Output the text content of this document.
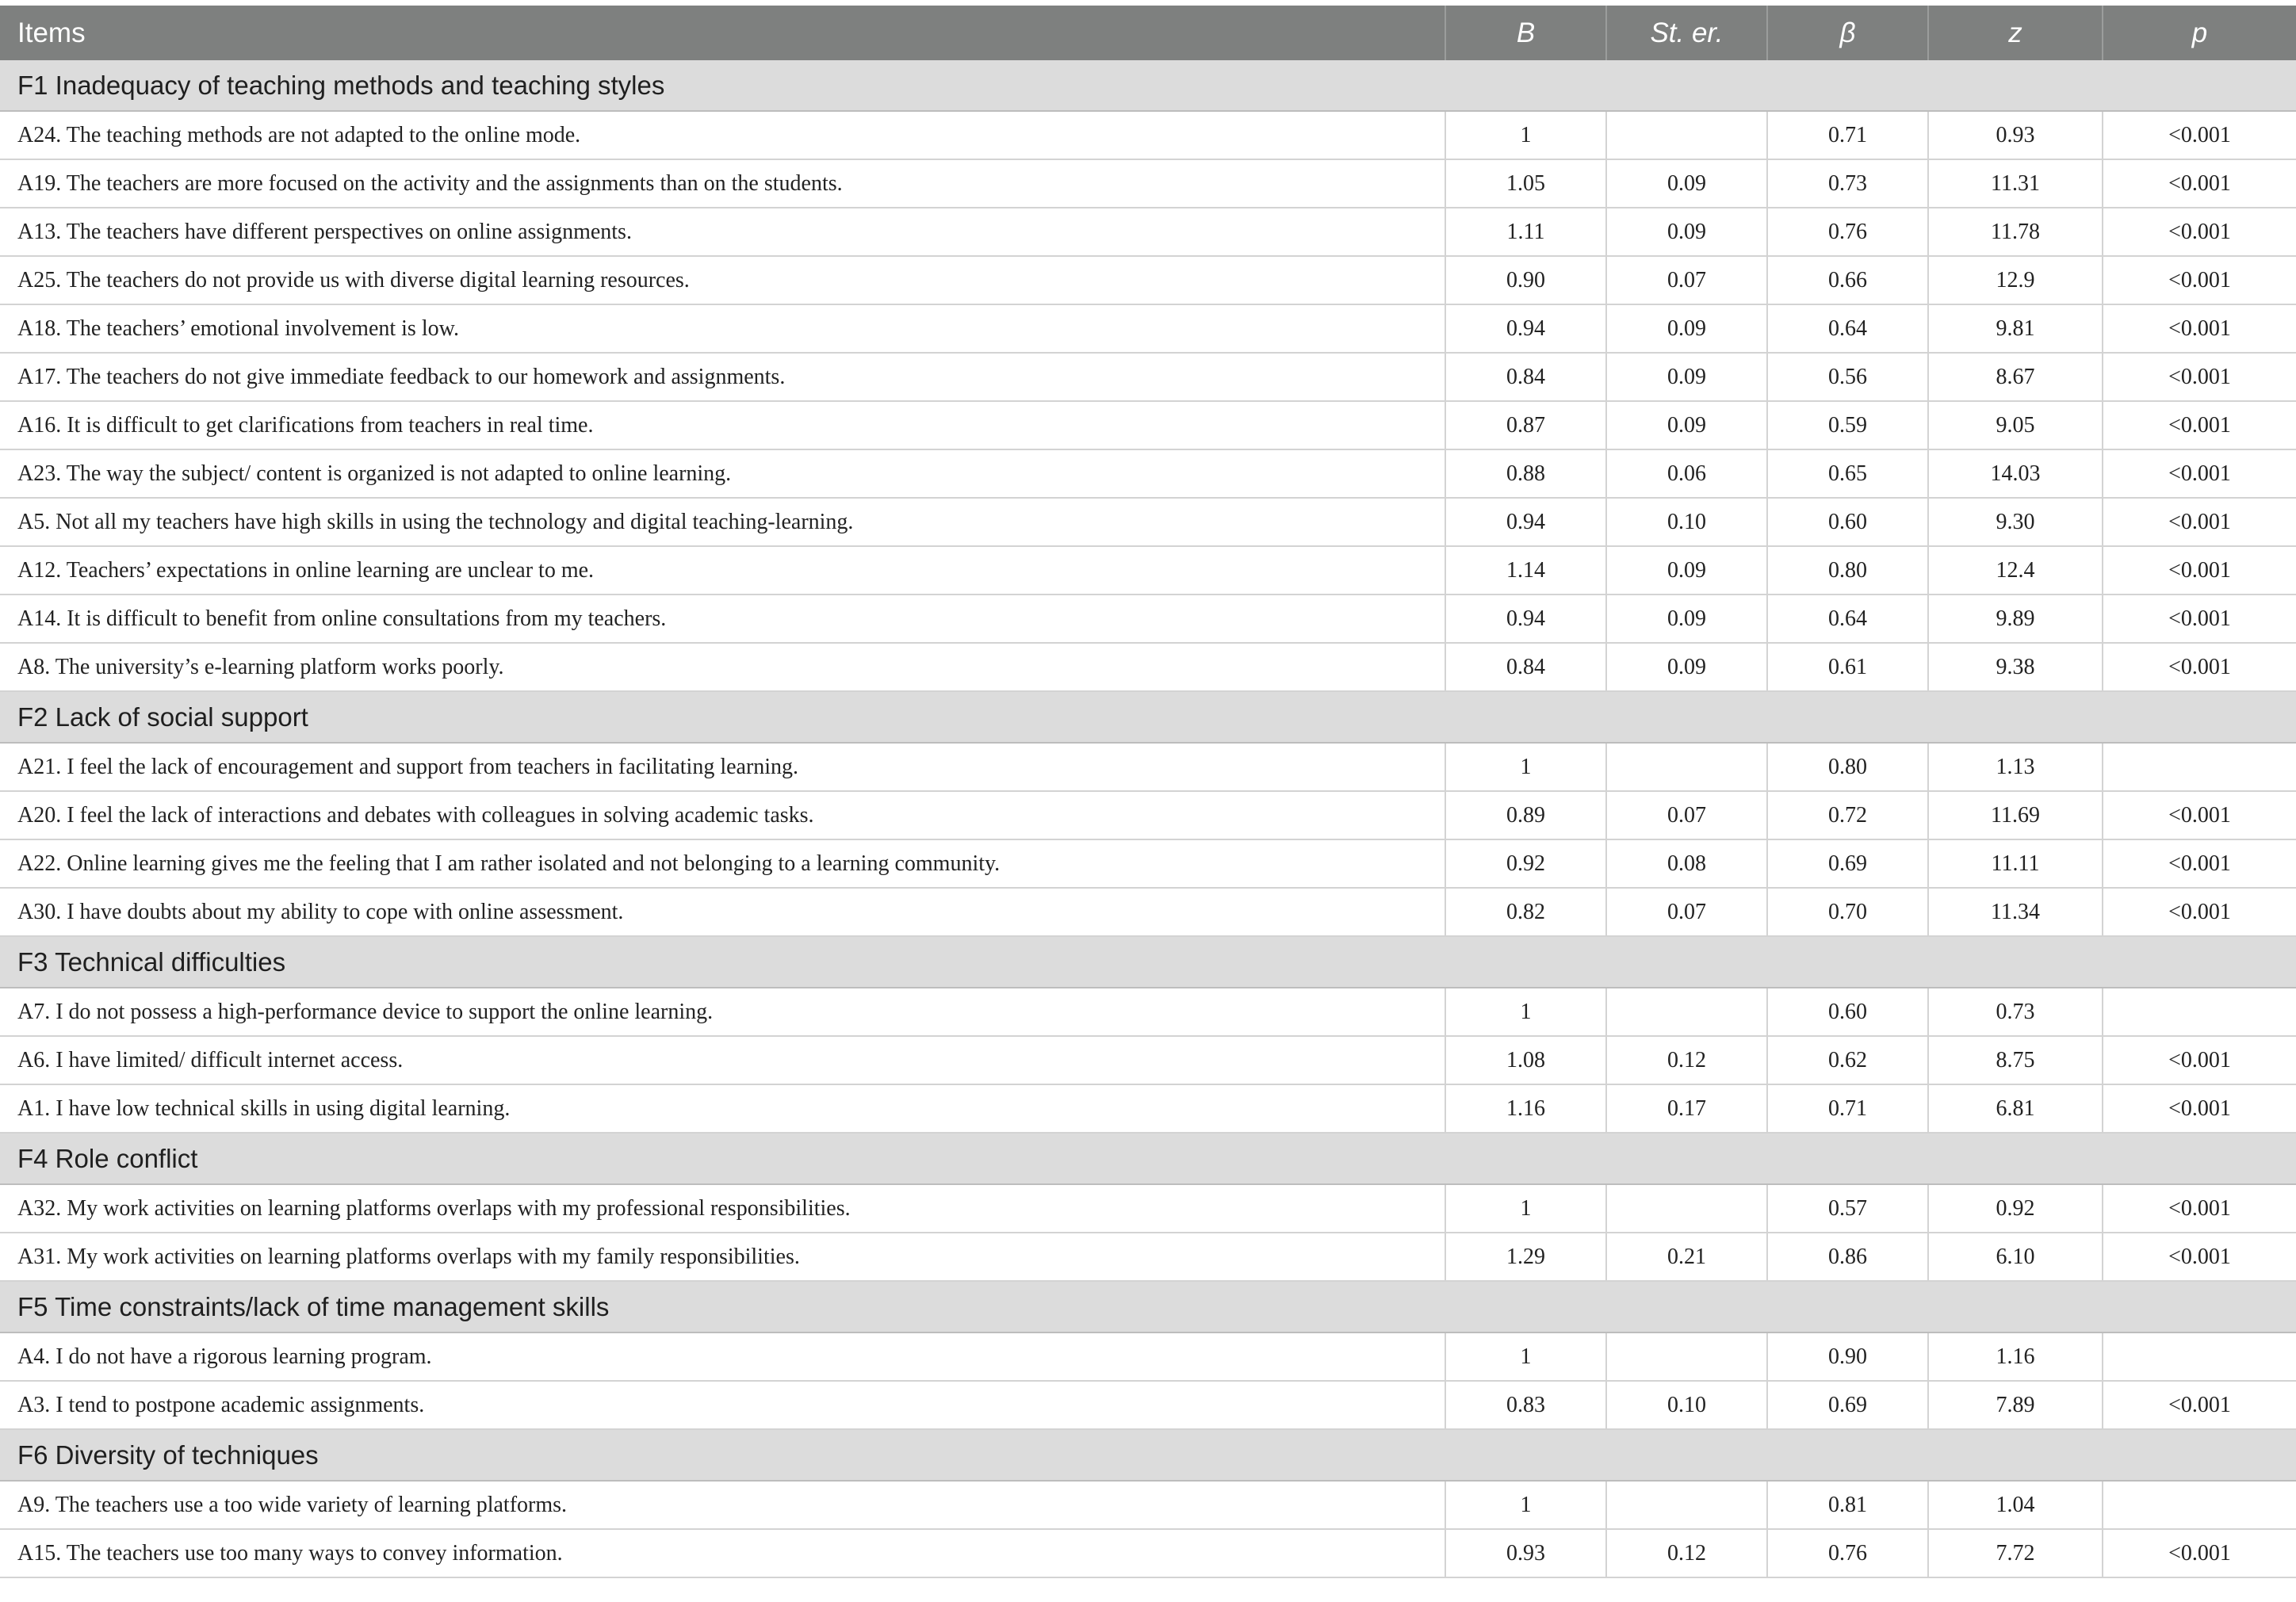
Items	B	St. er.	β	z	p
F1 Inadequacy of teaching methods and teaching styles					
A24. The teaching methods are not adapted to the online mode.	1		0.71	0.93	<0.001
A19. The teachers are more focused on the activity and the assignments than on the students.	1.05	0.09	0.73	11.31	<0.001
A13. The teachers have different perspectives on online assignments.	1.11	0.09	0.76	11.78	<0.001
A25. The teachers do not provide us with diverse digital learning resources.	0.90	0.07	0.66	12.9	<0.001
A18. The teachers’ emotional involvement is low.	0.94	0.09	0.64	9.81	<0.001
A17. The teachers do not give immediate feedback to our homework and assignments.	0.84	0.09	0.56	8.67	<0.001
A16. It is difficult to get clarifications from teachers in real time.	0.87	0.09	0.59	9.05	<0.001
A23. The way the subject/ content is organized is not adapted to online learning.	0.88	0.06	0.65	14.03	<0.001
A5. Not all my teachers have high skills in using the technology and digital teaching-learning.	0.94	0.10	0.60	9.30	<0.001
A12. Teachers’ expectations in online learning are unclear to me.	1.14	0.09	0.80	12.4	<0.001
A14. It is difficult to benefit from online consultations from my teachers.	0.94	0.09	0.64	9.89	<0.001
A8. The university’s e-learning platform works poorly.	0.84	0.09	0.61	9.38	<0.001
F2 Lack of social support					
A21. I feel the lack of encouragement and support from teachers in facilitating learning.	1		0.80	1.13	
A20. I feel the lack of interactions and debates with colleagues in solving academic tasks.	0.89	0.07	0.72	11.69	<0.001
A22. Online learning gives me the feeling that I am rather isolated and not belonging to a learning community.	0.92	0.08	0.69	11.11	<0.001
A30. I have doubts about my ability to cope with online assessment.	0.82	0.07	0.70	11.34	<0.001
F3 Technical difficulties					
A7. I do not possess a high-performance device to support the online learning.	1		0.60	0.73	
A6. I have limited/ difficult internet access.	1.08	0.12	0.62	8.75	<0.001
A1. I have low technical skills in using digital learning.	1.16	0.17	0.71	6.81	<0.001
F4 Role conflict					
A32. My work activities on learning platforms overlaps with my professional responsibilities.	1		0.57	0.92	<0.001
A31. My work activities on learning platforms overlaps with my family responsibilities.	1.29	0.21	0.86	6.10	<0.001
F5 Time constraints/lack of time management skills					
A4. I do not have a rigorous learning program.	1		0.90	1.16	
A3. I tend to postpone academic assignments.	0.83	0.10	0.69	7.89	<0.001
F6 Diversity of techniques					
A9. The teachers use a too wide variety of learning platforms.	1		0.81	1.04	
A15. The teachers use too many ways to convey information.	0.93	0.12	0.76	7.72	<0.001
